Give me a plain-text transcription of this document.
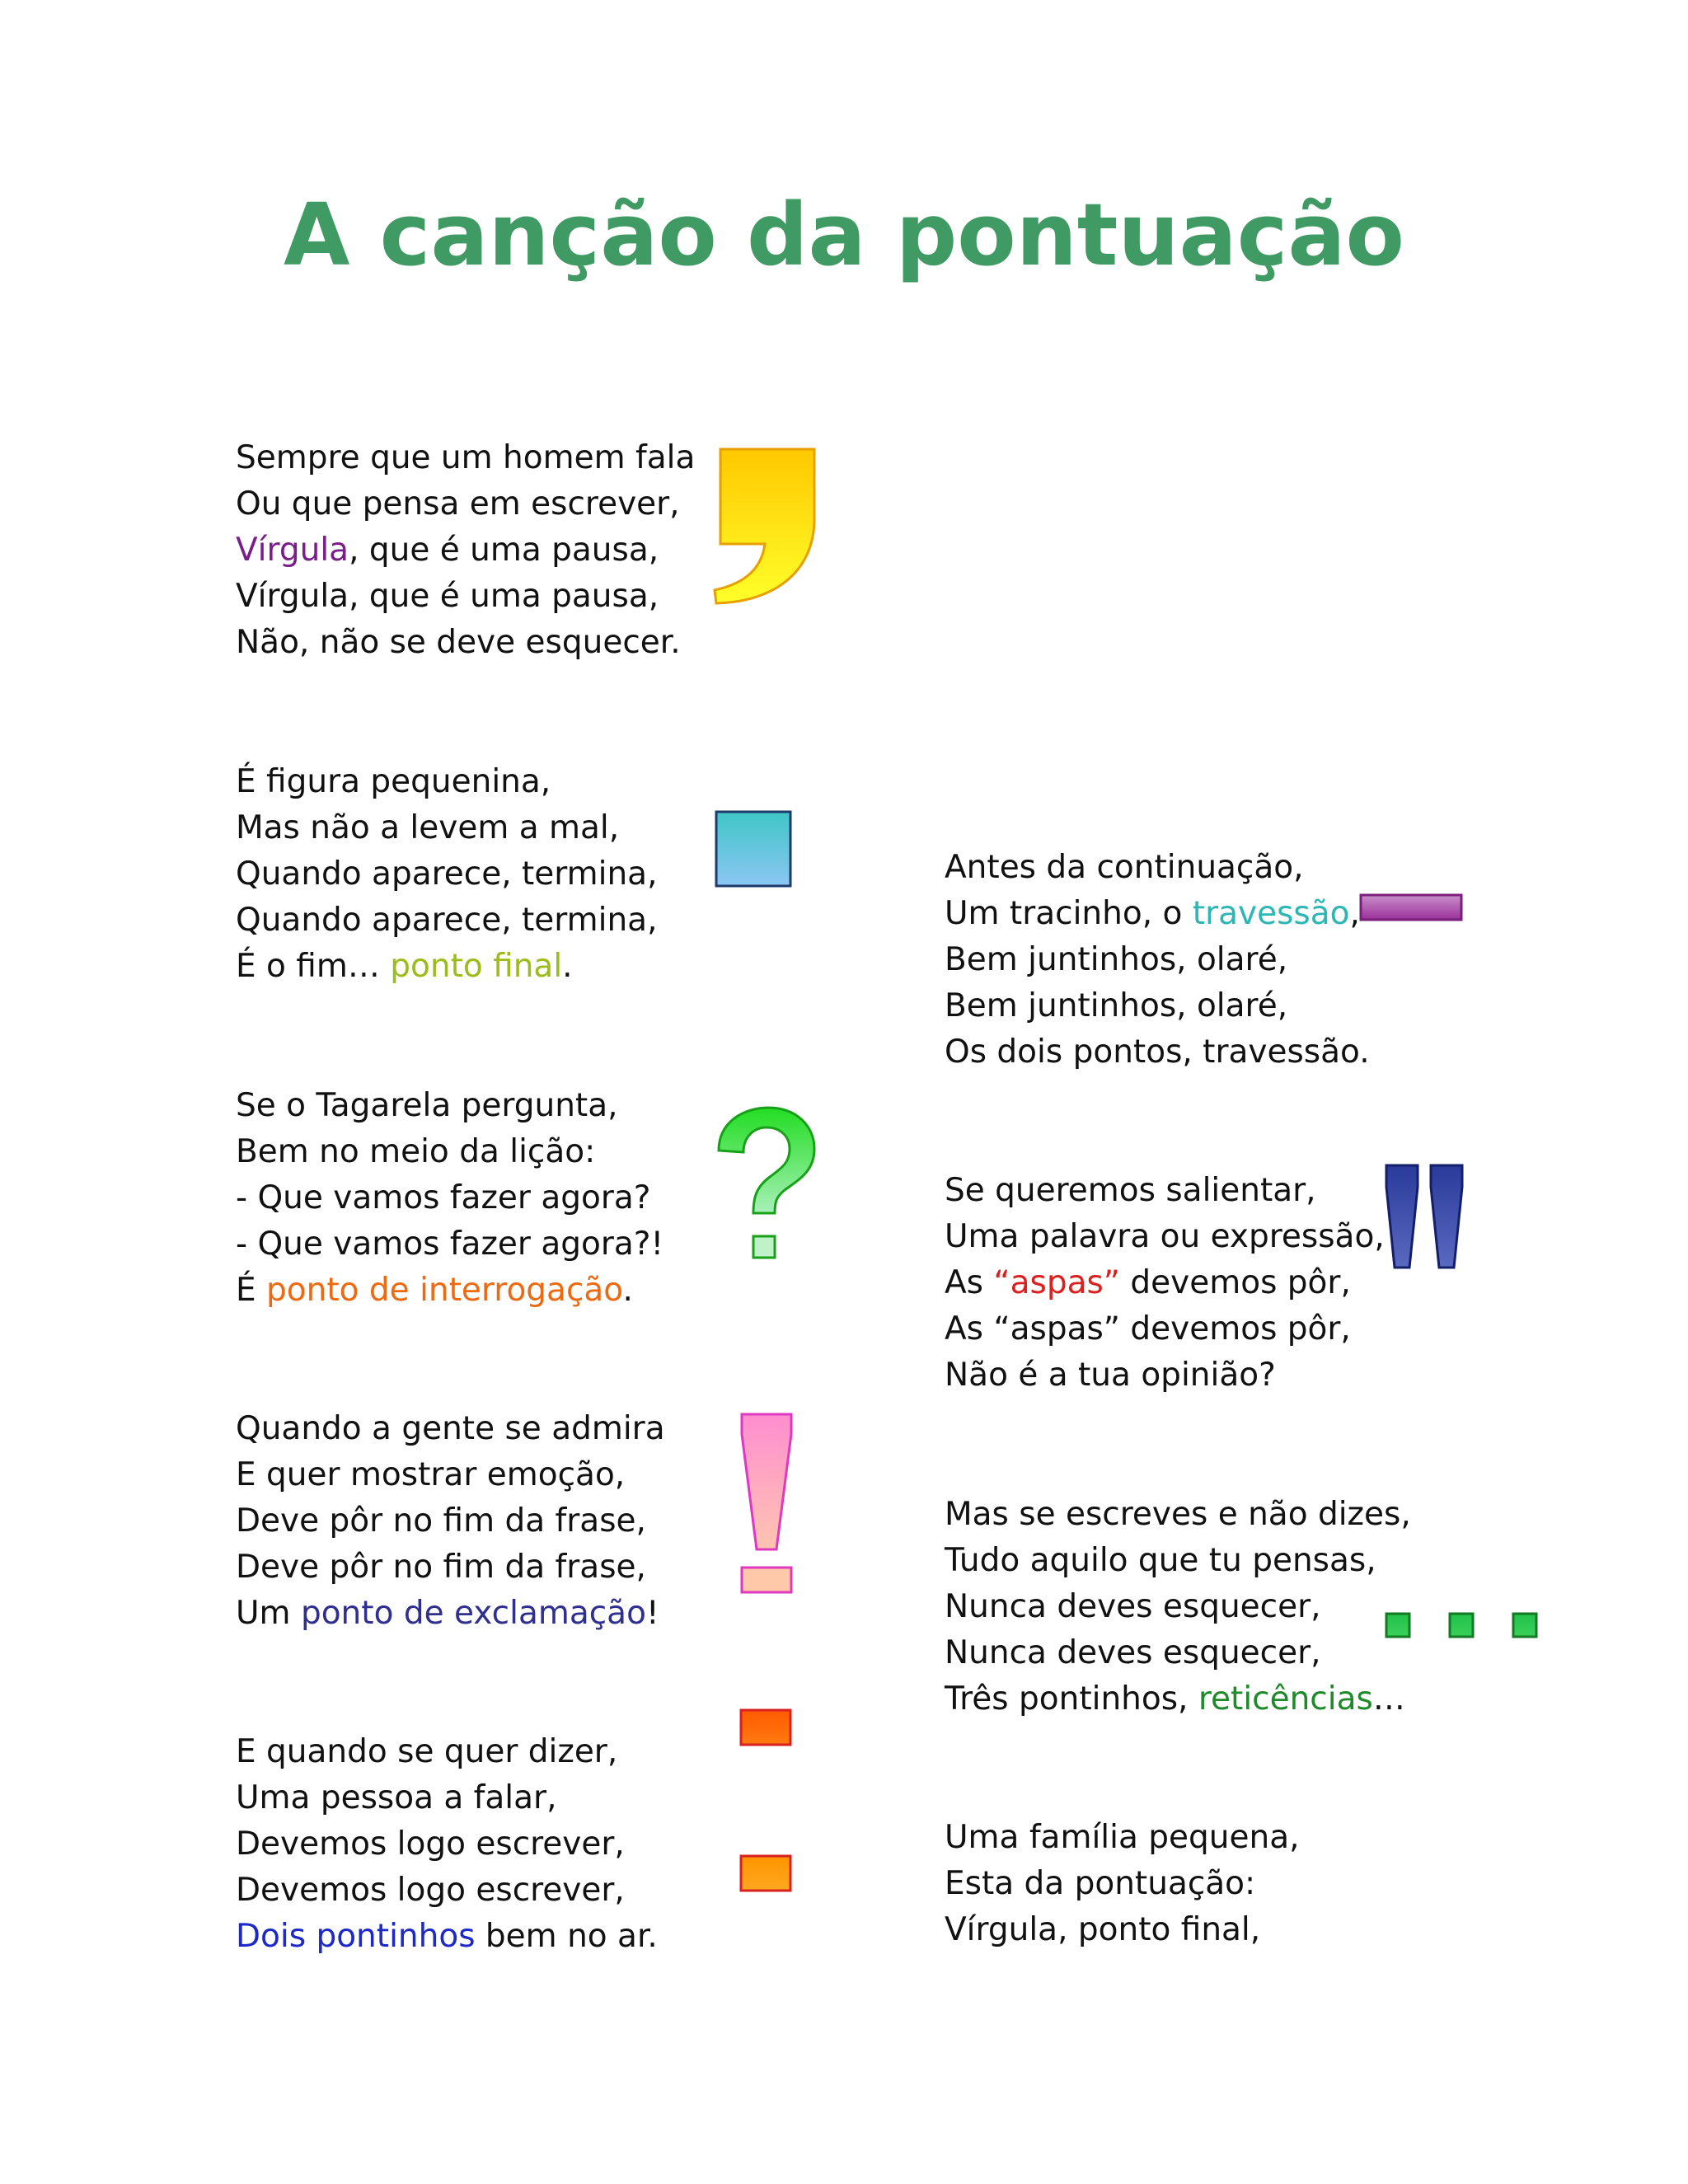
A canção da pontuação
Sempre que um homem fala
Ou que pensa em escrever,
Vírgula, que é uma pausa,
Vírgula, que é uma pausa,
Não, não se deve esquecer.
É figura pequenina,
Mas não a levem a mal,
Quando aparece, termina,
Quando aparece, termina,
É o fim… ponto final.
Se o Tagarela pergunta,
Bem no meio da lição:
- Que vamos fazer agora?
- Que vamos fazer agora?!
É ponto de interrogação.
Quando a gente se admira
E quer mostrar emoção,
Deve pôr no fim da frase,
Deve pôr no fim da frase,
Um ponto de exclamação!
E quando se quer dizer,
Uma pessoa a falar,
Devemos logo escrever,
Devemos logo escrever,
Dois pontinhos bem no ar.
Antes da continuação,
Um tracinho, o travessão,
Bem juntinhos, olaré,
Bem juntinhos, olaré,
Os dois pontos, travessão.
Se queremos salientar,
Uma palavra ou expressão,
As “aspas” devemos pôr,
As “aspas” devemos pôr,
Não é a tua opinião?
Mas se escreves e não dizes,
Tudo aquilo que tu pensas,
Nunca deves esquecer,
Nunca deves esquecer,
Três pontinhos, reticências…
Uma família pequena,
Esta da pontuação:
Vírgula, ponto final,
